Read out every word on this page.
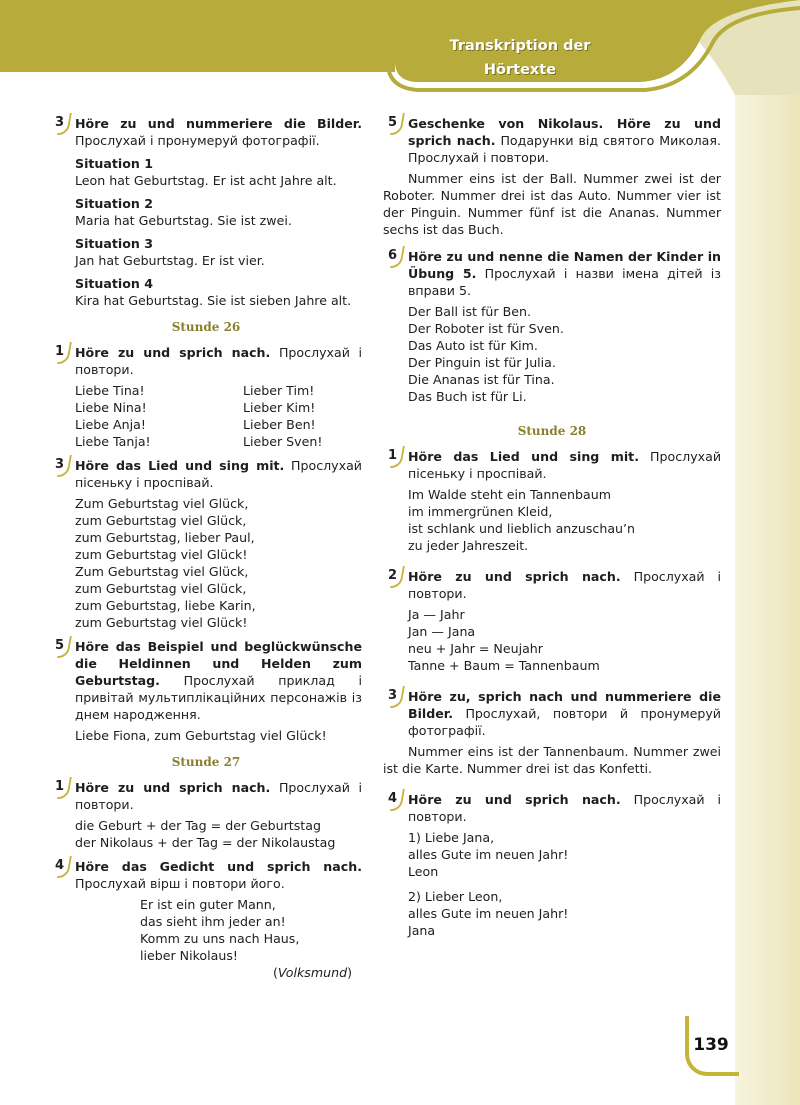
Transkription der Hörtexte
3 Höre zu und nummeriere die Bilder. Прослухай і пронумеруй фотографії.
Situation 1
Leon hat Geburtstag. Er ist acht Jahre alt.
Situation 2
Maria hat Geburtstag. Sie ist zwei.
Situation 3
Jan hat Geburtstag. Er ist vier.
Situation 4
Kira hat Geburtstag. Sie ist sieben Jahre alt.
Stunde 26
1 Höre zu und sprich nach. Прослухай і повтори.
Liebe Tina!
Liebe Nina!
Liebe Anja!
Liebe Tanja!
Lieber Tim!
Lieber Kim!
Lieber Ben!
Lieber Sven!
3 Höre das Lied und sing mit. Прослухай пісеньку і проспівай.
Zum Geburtstag viel Glück,
zum Geburtstag viel Glück,
zum Geburtstag, lieber Paul,
zum Geburtstag viel Glück!
Zum Geburtstag viel Glück,
zum Geburtstag viel Glück,
zum Geburtstag, liebe Karin,
zum Geburtstag viel Glück!
5 Höre das Beispiel und beglückwünsche die Heldinnen und Helden zum Geburtstag. Прослухай приклад і привітай мультиплікаційних персонажів із днем народження.
Liebe Fiona, zum Geburtstag viel Glück!
Stunde 27
1 Höre zu und sprich nach. Прослухай і повтори.
die Geburt + der Tag = der Geburtstag
der Nikolaus + der Tag = der Nikolaustag
4 Höre das Gedicht und sprich nach. Прослухай вірш і повтори його.
Er ist ein guter Mann,
das sieht ihm jeder an!
Komm zu uns nach Haus,
lieber Nikolaus!
(Volksmund)
5 Geschenke von Nikolaus. Höre zu und sprich nach. Подарунки від святого Миколая. Прослухай і повтори.
Nummer eins ist der Ball. Nummer zwei ist der Roboter. Nummer drei ist das Auto. Nummer vier ist der Pinguin. Nummer fünf ist die Ananas. Nummer sechs ist das Buch.
6 Höre zu und nenne die Namen der Kinder in Übung 5. Прослухай і назви імена дітей із вправи 5.
Der Ball ist für Ben.
Der Roboter ist für Sven.
Das Auto ist für Kim.
Der Pinguin ist für Julia.
Die Ananas ist für Tina.
Das Buch ist für Li.
Stunde 28
1 Höre das Lied und sing mit. Прослухай пісеньку і проспівай.
Im Walde steht ein Tannenbaum
im immergrünen Kleid,
ist schlank und lieblich anzuschau’n
zu jeder Jahreszeit.
2 Höre zu und sprich nach. Прослухай і повтори.
Ja — Jahr
Jan — Jana
neu + Jahr = Neujahr
Tanne + Baum = Tannenbaum
3 Höre zu, sprich nach und nummeriere die Bilder. Прослухай, повтори й пронумеруй фотографії.
Nummer eins ist der Tannenbaum. Nummer zwei ist die Karte. Nummer drei ist das Konfetti.
4 Höre zu und sprich nach. Прослухай і повтори.
1) Liebe Jana,
alles Gute im neuen Jahr!
Leon
2) Lieber Leon,
alles Gute im neuen Jahr!
Jana
139
